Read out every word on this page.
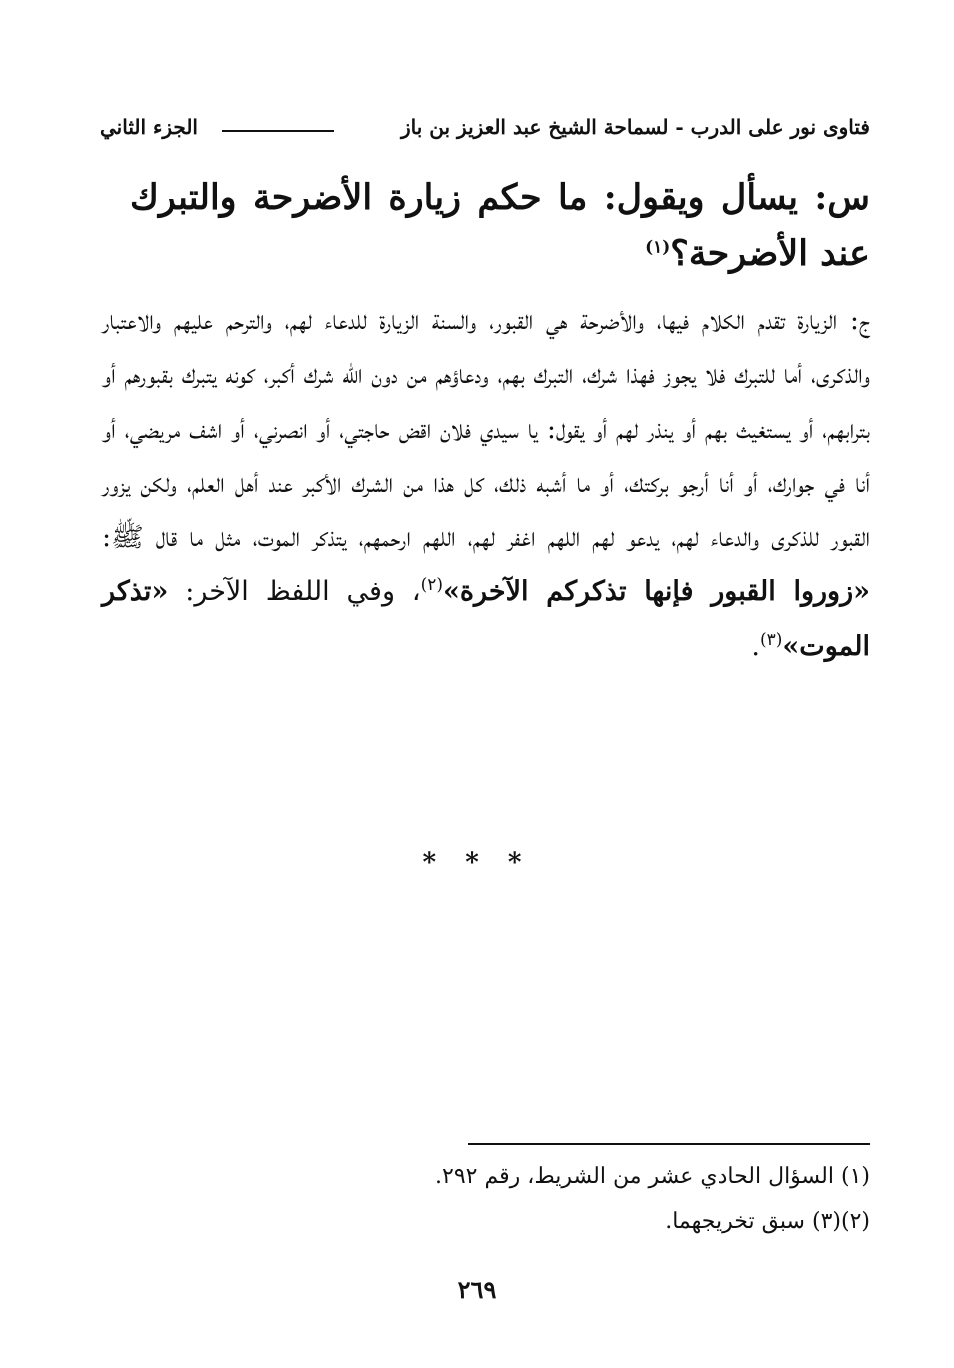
فتاوى نور على الدرب - لسماحة الشيخ عبد العزيز بن باز
الجزء الثاني
س: يسأل ويقول: ما حكم زيارة الأضرحة والتبرك عند الأضرحة؟$^{(١)}$
ج: الزيارة تقدم الكلام فيها، والأضرحة هي القبور، والسنة الزيارة للدعاء لهم، والترحم عليهم والاعتبار والذكرى، أما للتبرك فلا يجوز فهذا شرك، التبرك بهم، ودعاؤهم من دون الله شرك أكبر، كونه يتبرك بقبورهم أو بترابهم، أو يستغيث بهم أو ينذر لهم أو يقول: يا سيدي فلان اقض حاجتي، أو انصرني، أو اشف مريضي، أو أنا في جوارك، أو أنا أرجو بركتك، أو ما أشبه ذلك، كل هذا من الشرك الأكبر عند أهل العلم، ولكن يزور القبور للذكرى والدعاء لهم، يدعو لهم اللهم اغفر لهم، اللهم ارحمهم، يتذكر الموت، مثل ما قال ﷺ: «زوروا القبور فإنها تذكركم الآخرة»$^{(٢)}$، وفي اللفظ الآخر: «تذكر الموت»$^{(٣)}$.
* * *
(١) السؤال الحادي عشر من الشريط، رقم ٢٩٢.
(٢)(٣) سبق تخريجهما.
٢٦٩
